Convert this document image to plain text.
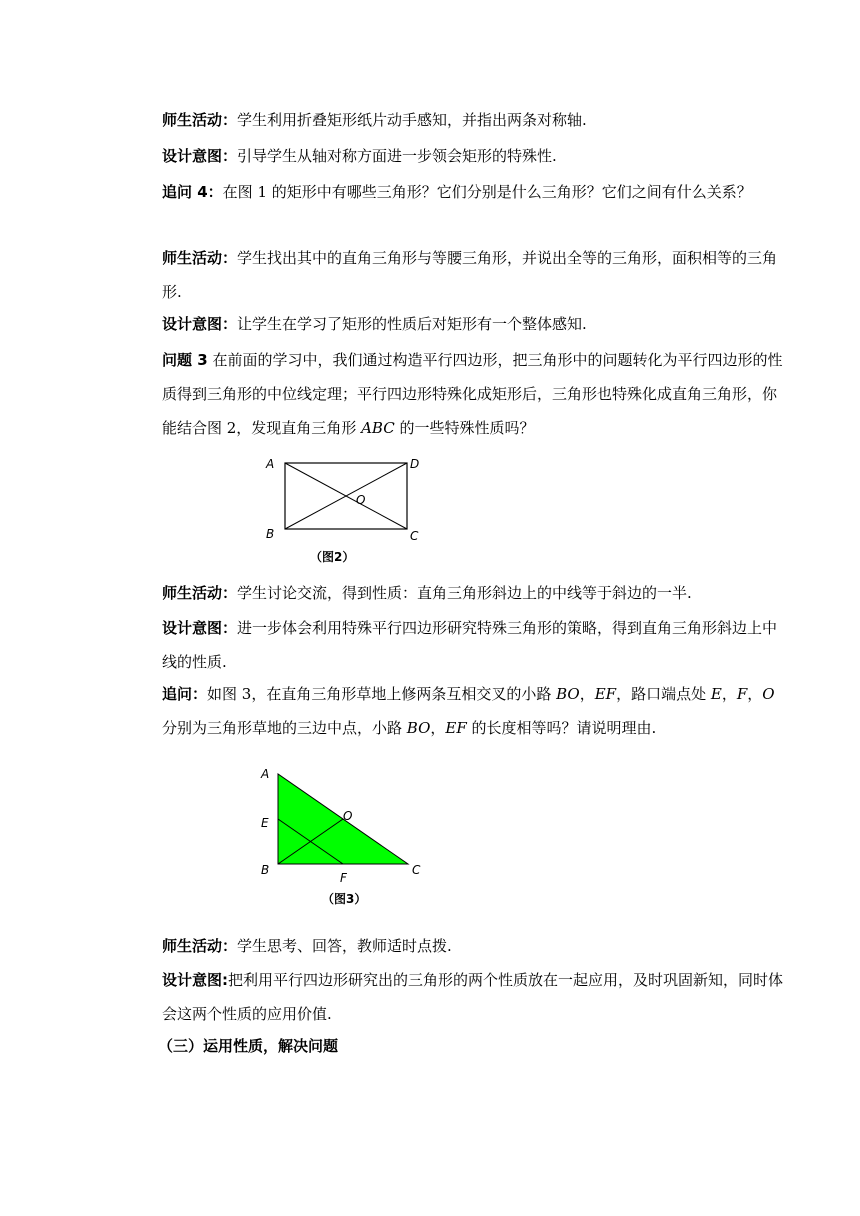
师生活动：学生利用折叠矩形纸片动手感知，并指出两条对称轴.

设计意图：引导学生从轴对称方面进一步领会矩形的特殊性.

追问 4：在图 1 的矩形中有哪些三角形？它们分别是什么三角形？它们之间有什么关系？

师生活动：学生找出其中的直角三角形与等腰三角形，并说出全等的三角形，面积相等的三角形.

设计意图：让学生在学习了矩形的性质后对矩形有一个整体感知.

问题 3 在前面的学习中，我们通过构造平行四边形，把三角形中的问题转化为平行四边形的性质得到三角形的中位线定理；平行四边形特殊化成矩形后，三角形也特殊化成直角三角形，你能结合图 2，发现直角三角形 ABC 的一些特殊性质吗？

A	D
B	C
O
（图2）

师生活动：学生讨论交流，得到性质：直角三角形斜边上的中线等于斜边的一半.

设计意图：进一步体会利用特殊平行四边形研究特殊三角形的策略，得到直角三角形斜边上中线的性质.

追问：如图 3，在直角三角形草地上修两条互相交叉的小路 BO，EF，路口端点处 E，F，O 分别为三角形草地的三边中点，小路 BO，EF 的长度相等吗？请说明理由.

A
E	O
B
F
C
（图3）

师生活动：学生思考、回答，教师适时点拨.

设计意图:把利用平行四边形研究出的三角形的两个性质放在一起应用，及时巩固新知，同时体会这两个性质的应用价值.

（三）运用性质，解决问题
